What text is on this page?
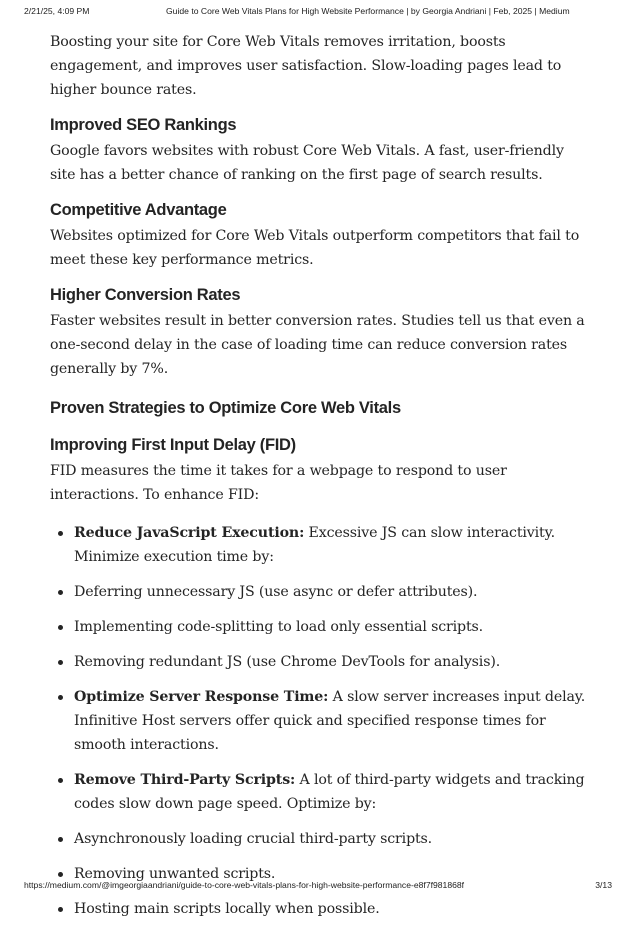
2/21/25, 4:09 PM	Guide to Core Web Vitals Plans for High Website Performance | by Georgia Andriani | Feb, 2025 | Medium

Boosting your site for Core Web Vitals removes irritation, boosts engagement, and improves user satisfaction. Slow-loading pages lead to higher bounce rates.

Improved SEO Rankings

Google favors websites with robust Core Web Vitals. A fast, user-friendly site has a better chance of ranking on the first page of search results.

Competitive Advantage

Websites optimized for Core Web Vitals outperform competitors that fail to meet these key performance metrics.

Higher Conversion Rates

Faster websites result in better conversion rates. Studies tell us that even a one-second delay in the case of loading time can reduce conversion rates generally by 7%.

Proven Strategies to Optimize Core Web Vitals
Improving First Input Delay (FID)

FID measures the time it takes for a webpage to respond to user interactions. To enhance FID:

Reduce JavaScript Execution: Excessive JS can slow interactivity. Minimize execution time by:
Deferring unnecessary JS (use async or defer attributes).
Implementing code-splitting to load only essential scripts.
Removing redundant JS (use Chrome DevTools for analysis).
Optimize Server Response Time: A slow server increases input delay. Infinitive Host servers offer quick and specified response times for smooth interactions.
Remove Third-Party Scripts: A lot of third-party widgets and tracking codes slow down page speed. Optimize by:
Asynchronously loading crucial third-party scripts.
Removing unwanted scripts.
Hosting main scripts locally when possible.
https://medium.com/@imgeorgiaandriani/guide-to-core-web-vitals-plans-for-high-website-performance-e8f7f981868f	3/13
